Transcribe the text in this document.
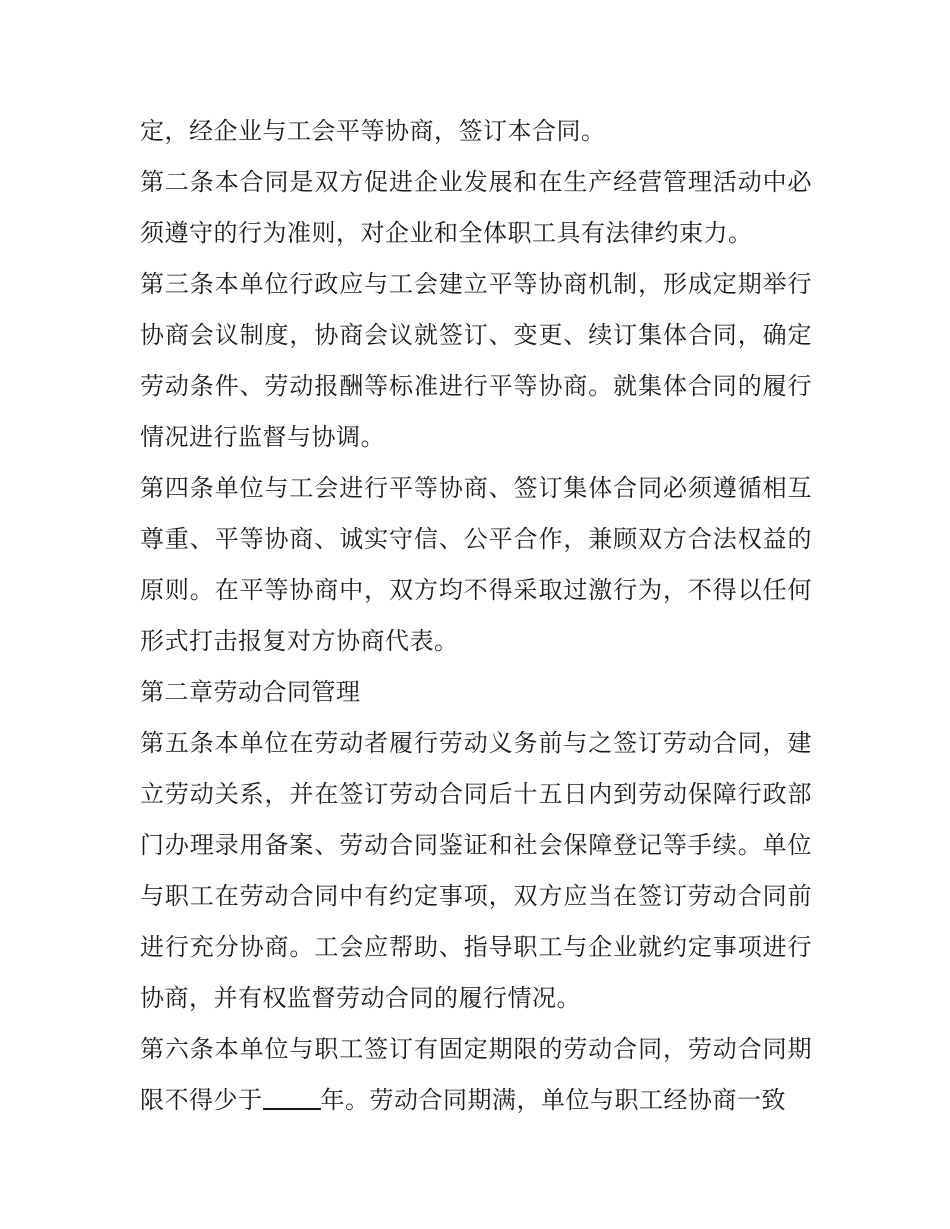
定，经企业与工会平等协商，签订本合同。

第二条本合同是双方促进企业发展和在生产经营管理活动中必须遵守的行为准则，对企业和全体职工具有法律约束力。

第三条本单位行政应与工会建立平等协商机制，形成定期举行协商会议制度，协商会议就签订、变更、续订集体合同，确定劳动条件、劳动报酬等标准进行平等协商。就集体合同的履行情况进行监督与协调。

第四条单位与工会进行平等协商、签订集体合同必须遵循相互尊重、平等协商、诚实守信、公平合作，兼顾双方合法权益的原则。在平等协商中，双方均不得采取过激行为，不得以任何形式打击报复对方协商代表。

第二章劳动合同管理

第五条本单位在劳动者履行劳动义务前与之签订劳动合同，建立劳动关系，并在签订劳动合同后十五日内到劳动保障行政部门办理录用备案、劳动合同鉴证和社会保障登记等手续。单位与职工在劳动合同中有约定事项，双方应当在签订劳动合同前进行充分协商。工会应帮助、指导职工与企业就约定事项进行协商，并有权监督劳动合同的履行情况。

第六条本单位与职工签订有固定期限的劳动合同，劳动合同期限不得少于 年。劳动合同期满，单位与职工经协商一致
